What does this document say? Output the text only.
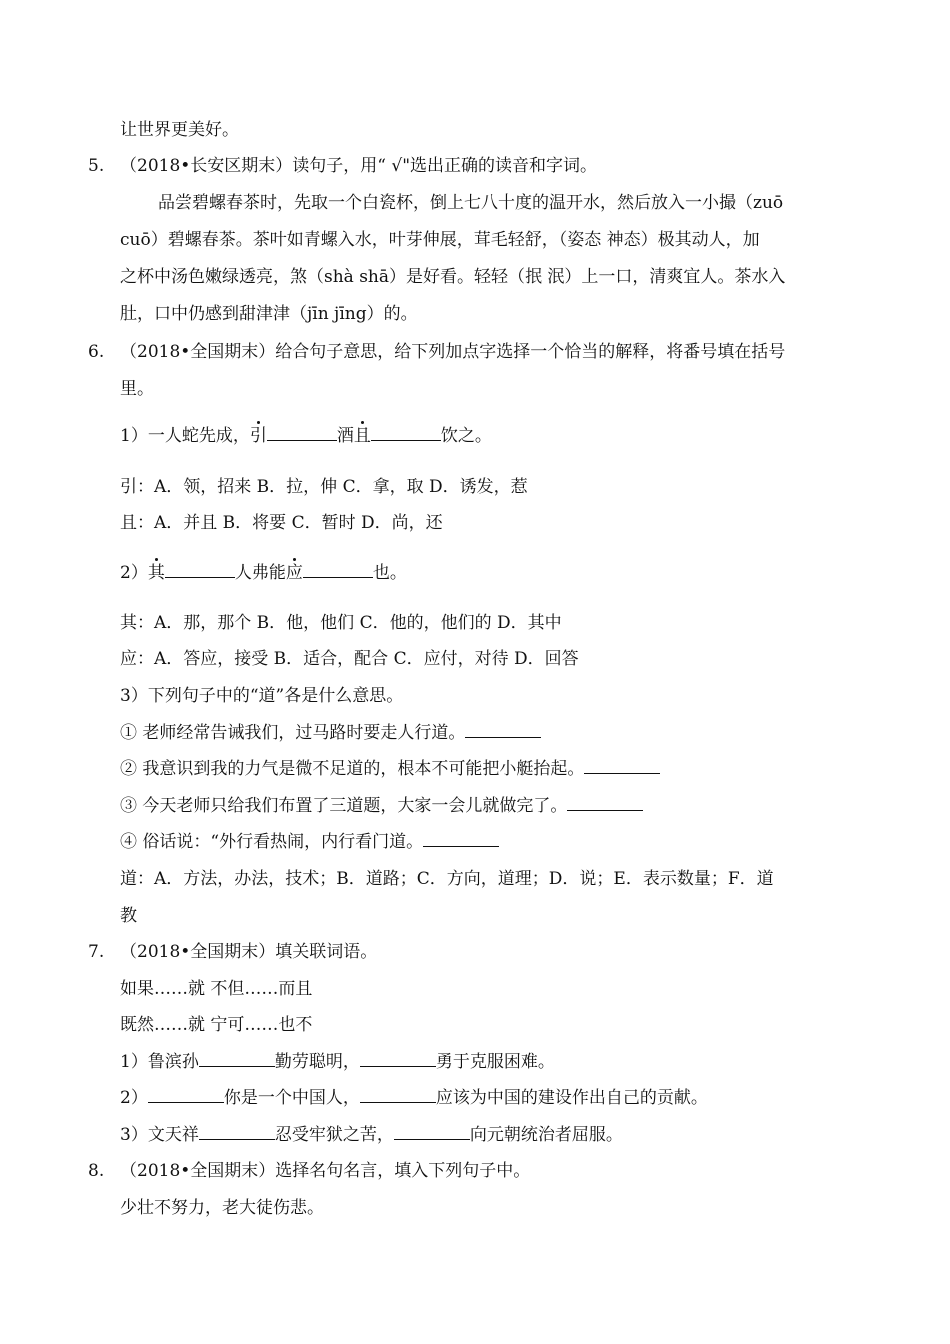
让世界更美好。
5. （2018•长安区期末）读句子，用“ √"选出正确的读音和字词。
品尝碧螺春茶时，先取一个白瓷杯，倒上七八十度的温开水，然后放入一小撮（zuō
cuō）碧螺春茶。茶叶如青螺入水，叶芽伸展，茸毛轻舒，（姿态 神态）极其动人，加
之杯中汤色嫩绿透亮，煞（shà shā）是好看。轻轻（抿 泯）上一口，清爽宜人。茶水入
肚，口中仍感到甜津津（jīn jīng）的。
6. （2018•全国期末）给合句子意思，给下列加点字选择一个恰当的解释，将番号填在括号
里。
1）一人蛇先成，引	酒且	饮之。
引：A．领，招来 B．拉，伸 C．拿，取 D．诱发，惹
且：A．并且 B．将要 C．暂时 D．尚，还
2）其	人弗能应	也。
其：A．那，那个 B．他，他们 C．他的，他们的 D．其中
应：A．答应，接受 B．适合，配合 C．应付，对待 D．回答
3）下列句子中的“道”各是什么意思。
① 老师经常告诫我们，过马路时要走人行道。
② 我意识到我的力气是微不足道的，根本不可能把小艇抬起。
③ 今天老师只给我们布置了三道题，大家一会儿就做完了。
④ 俗话说：“外行看热闹，内行看门道。
道：A．方法，办法，技术；B．道路；C．方向，道理；D．说；E．表示数量；F．道
教
7. （2018•全国期末）填关联词语。
如果……就 不但……而且
既然……就 宁可……也不
1）鲁滨孙	勤劳聪明，	勇于克服困难。
2）	你是一个中国人，	应该为中国的建设作出自己的贡献。
3）文天祥	忍受牢狱之苦，	向元朝统治者屈服。
8. （2018•全国期末）选择名句名言，填入下列句子中。
少壮不努力，老大徒伤悲。
